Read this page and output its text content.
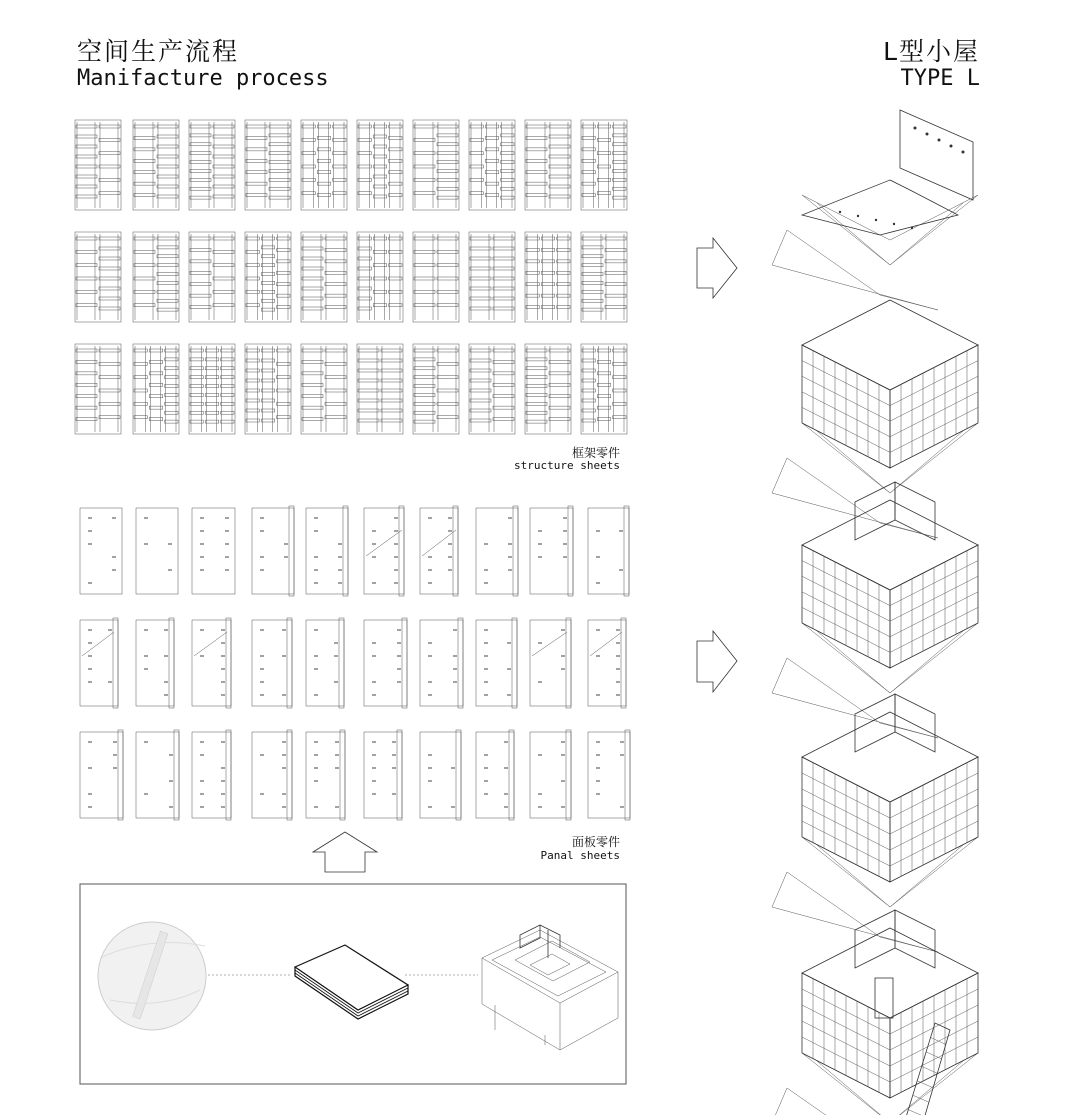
空间生产流程
Manifacture process
L型小屋
TYPE L
框架零件
structure sheets
面板零件
Panal sheets
